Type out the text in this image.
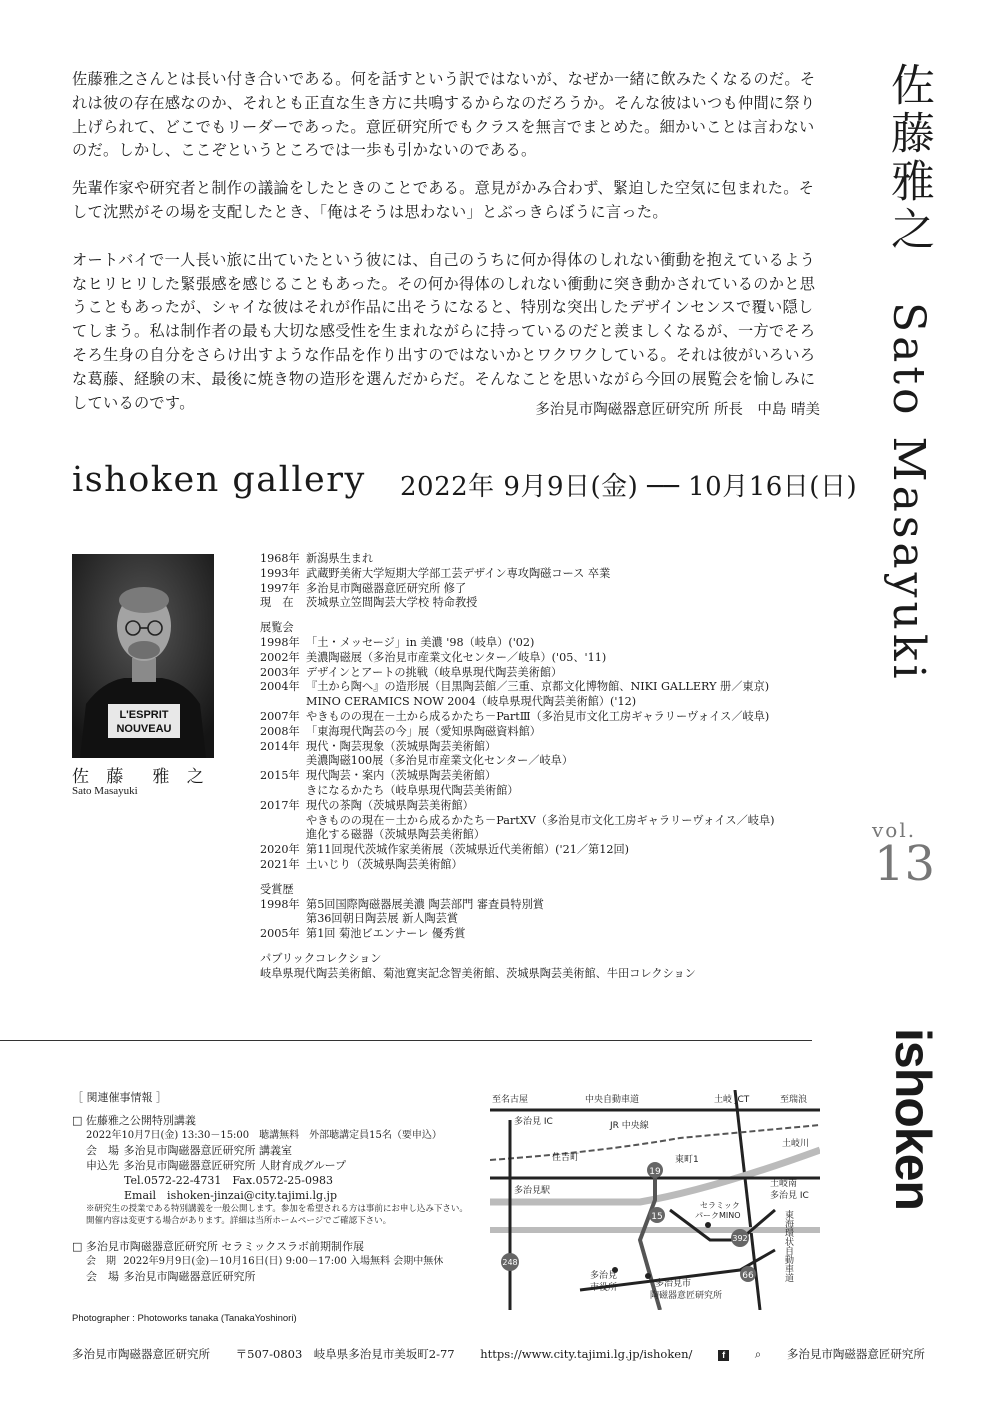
佐藤雅之さんとは長い付き合いである。何を話すという訳ではないが、なぜか一緒に飲みたくなるのだ。それは彼の存在感なのか、それとも正直な生き方に共鳴するからなのだろうか。そんな彼はいつも仲間に祭り上げられて、どこでもリーダーであった。意匠研究所でもクラスを無言でまとめた。細かいことは言わないのだ。しかし、ここぞというところでは一歩も引かないのである。

先輩作家や研究者と制作の議論をしたときのことである。意見がかみ合わず、緊迫した空気に包まれた。そして沈黙がその場を支配したとき、「俺はそうは思わない」とぶっきらぼうに言った。

オートバイで一人長い旅に出ていたという彼には、自己のうちに何か得体のしれない衝動を抱えているようなヒリヒリした緊張感を感じることもあった。その何か得体のしれない衝動に突き動かされているのかと思うこともあったが、シャイな彼はそれが作品に出そうになると、特別な突出したデザインセンスで覆い隠してしまう。私は制作者の最も大切な感受性を生まれながらに持っているのだと羨ましくなるが、一方でそろそろ生身の自分をさらけ出すような作品を作り出すのではないかとワクワクしている。それは彼がいろいろな葛藤、経験の末、最後に焼き物の造形を選んだからだ。そんなことを思いながら今回の展覧会を愉しみにしているのです。	多治見市陶磁器意匠研究所 所長　中島 晴美
ishoken gallery 2022年 9月9日(金) ── 10月16日(日) 佐藤雅之　Sato Masayuki
vol.
13
ishoken
L'ESPRIT
NOUVEAU
佐 藤　雅 之
Sato Masayuki
1968年 新潟県生まれ
1993年 武蔵野美術大学短期大学部工芸デザイン専攻陶磁コース 卒業
1997年 多治見市陶磁器意匠研究所 修了
現　在	茨城県立笠間陶芸大学校 特命教授
展覧会
1998年 「土・メッセージ」in 美濃 '98（岐阜）('02)
2002年 美濃陶磁展（多治見市産業文化センター／岐阜）('05、'11)
2003年 デザインとアートの挑戦（岐阜県現代陶芸美術館）
2004年 『土から陶へ』の造形展（目黒陶芸館／三重、京都文化博物館、NIKI GALLERY 册／東京)
MINO CERAMICS NOW 2004（岐阜県現代陶芸美術館）('12)
2007年 やきものの現在－土から成るかたち－PartⅢ（多治見市文化工房ギャラリーヴォイス／岐阜)
2008年 「東海現代陶芸の今」展（愛知県陶磁資料館）
2014年 現代・陶芸現象（茨城県陶芸美術館）
美濃陶磁100展（多治見市産業文化センター／岐阜）
2015年 現代陶芸・案内（茨城県陶芸美術館）
きになるかたち（岐阜県現代陶芸美術館）
2017年 現代の茶陶（茨城県陶芸美術館）
やきものの現在－土から成るかたち－PartXV（多治見市文化工房ギャラリーヴォイス／岐阜)
進化する磁器（茨城県陶芸美術館）
2020年 第11回現代茨城作家美術展（茨城県近代美術館）('21／第12回)
2021年 土いじり（茨城県陶芸美術館）
受賞歴
1998年 第5回国際陶磁器展美濃 陶芸部門 審査員特別賞
第36回朝日陶芸展 新人陶芸賞
2005年 第1回 菊池ビエンナーレ 優秀賞
パブリックコレクション
岐阜県現代陶芸美術館、菊池寛実記念智美術館、茨城県陶芸美術館、牛田コレクション
［ 関連催事情報 ］
□ 佐藤雅之公開特別講義
2022年10月7日(金) 13:30－15:00　聴講無料　外部聴講定員15名（要申込）
会　場 多治見市陶磁器意匠研究所 講義室
申込先 多治見市陶磁器意匠研究所 人財育成グループ
Tel.0572-22-4731　Fax.0572-25-0983
Email　ishoken-jinzai@city.tajimi.lg.jp
※研究生の授業である特別講義を一般公開します。参加を希望される方は事前にお申し込み下さい。
開催内容は変更する場合があります。詳細は当所ホームページでご確認下さい。
□ 多治見市陶磁器意匠研究所 セラミックスラボ前期制作展
会　期 2022年9月9日(金)－10月16日(日) 9:00－17:00 入場無料 会期中無休
会　場 多治見市陶磁器意匠研究所
19
15
392
248
66
至名古屋	中央自動車道	土岐 JCT	至瑞浪
多治見 IC	JR 中央線
土岐川
住吉町	東町1
多治見駅
セラミック
パークMINO
土岐南
多治見 IC
東海環状自動車道
多治見
市役所	多治見市
陶磁器意匠研究所
Photographer : Photoworks tanaka (TanakaYoshinori)
多治見市陶磁器意匠研究所 〒507-0803　岐阜県多治見市美坂町2-77 https://www.city.tajimi.lg.jp/ishoken/	f	⌕ 多治見市陶磁器意匠研究所
